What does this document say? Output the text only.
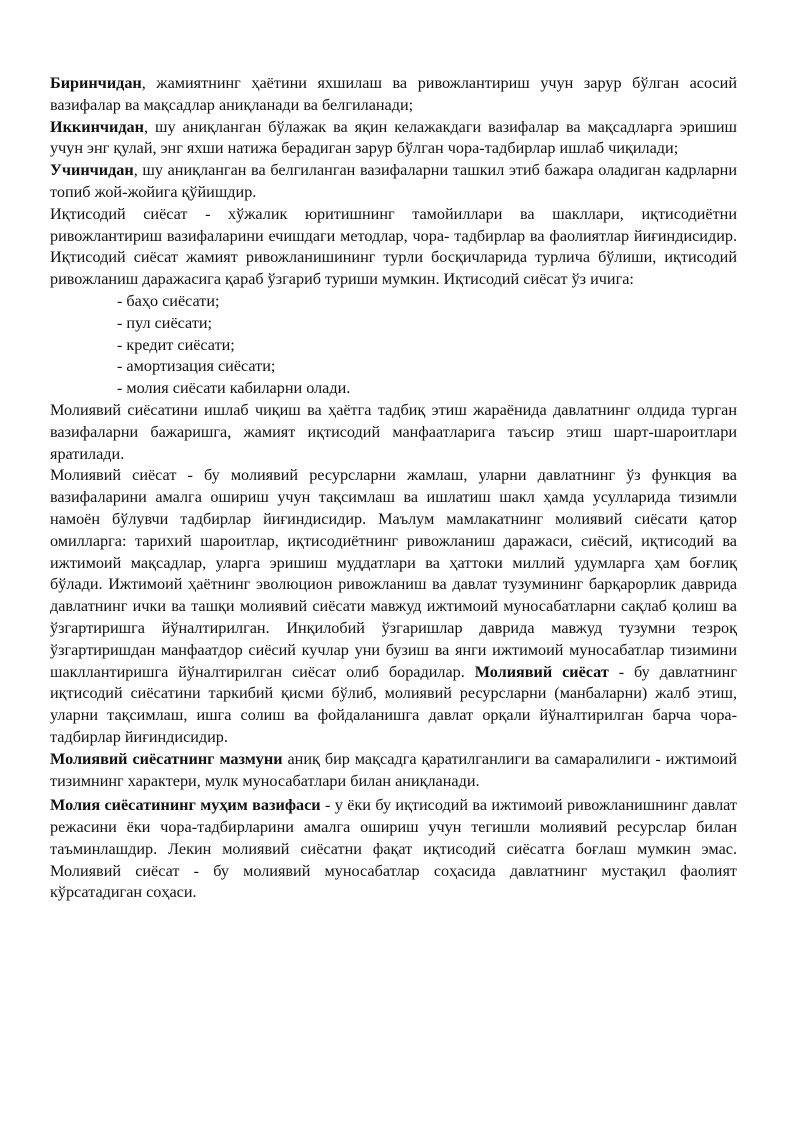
Биринчидан, жамиятнинг ҳаётини яхшилаш ва ривожлантириш учун зарур бўлган асосий вазифалар ва мақсадлар аниқланади ва белгиланади;

Иккинчидан, шу аниқланган бўлажак ва яқин келажакдаги вазифалар ва мақсадларга эришиш учун энг қулай, энг яхши натижа берадиган зарур бўлган чора-тадбирлар ишлаб чиқилади;

Учинчидан, шу аниқланган ва белгиланган вазифаларни ташкил этиб бажара оладиган кадрларни топиб жой-жойига қўйишдир.

Иқтисодий сиёсат - хўжалик юритишнинг тамойиллари ва шакллари, иқтисодиётни ривожлантириш вазифаларини ечишдаги методлар, чора- тадбирлар ва фаолиятлар йиғиндисидир. Иқтисодий сиёсат жамият ривожланишининг турли босқичларида турлича бўлиши, иқтисодий ривожланиш даражасига қараб ўзгариб туриши мумкин. Иқтисодий сиёсат ўз ичига:

- баҳо сиёсати;
- пул сиёсати;
- кредит сиёсати;
- амортизация сиёсати;
- молия сиёсати кабиларни олади.

Молиявий сиёсатини ишлаб чиқиш ва ҳаётга тадбиқ этиш жараёнида давлатнинг олдида турган вазифаларни бажаришга, жамият иқтисодий манфаатларига таъсир этиш шарт-шароитлари яратилади.

Молиявий сиёсат - бу молиявий ресурсларни жамлаш, уларни давлатнинг ўз функция ва вазифаларини амалга ошириш учун тақсимлаш ва ишлатиш шакл ҳамда усулларида тизимли намоён бўлувчи тадбирлар йиғиндисидир. Маълум мамлакатнинг молиявий сиёсати қатор омилларга: тарихий шароитлар, иқтисодиётнинг ривожланиш даражаси, сиёсий, иқтисодий ва ижтимоий мақсадлар, уларга эришиш муддатлари ва ҳаттоки миллий удумларга ҳам боғлиқ бўлади. Ижтимоий ҳаётнинг эволюцион ривожланиш ва давлат тузумининг барқарорлик даврида давлатнинг ички ва ташқи молиявий сиёсати мавжуд ижтимоий муносабатларни сақлаб қолиш ва ўзгартиришга йўналтирилган. Инқилобий ўзгаришлар даврида мавжуд тузумни тезроқ ўзгартиришдан манфаатдор сиёсий кучлар уни бузиш ва янги ижтимоий муносабатлар тизимини шакллантиришга йўналтирилган сиёсат олиб борадилар. Молиявий сиёсат - бу давлатнинг иқтисодий сиёсатини таркибий қисми бўлиб, молиявий ресурсларни (манбаларни) жалб этиш, уларни тақсимлаш, ишга солиш ва фойдаланишга давлат орқали йўналтирилган барча чора-тадбирлар йиғиндисидир.

Молиявий сиёсатнинг мазмуни аниқ бир мақсадга қаратилганлиги ва самаралилиги - ижтимоий тизимнинг характери, мулк муносабатлари билан аниқланади.

Молия сиёсатининг муҳим вазифаси - у ёки бу иқтисодий ва ижтимоий ривожланишнинг давлат режасини ёки чора-тадбирларини амалга ошириш учун тегишли молиявий ресурслар билан таъминлашдир. Лекин молиявий сиёсатни фақат иқтисодий сиёсатга боғлаш мумкин эмас. Молиявий сиёсат - бу молиявий муносабатлар соҳасида давлатнинг мустақил фаолият кўрсатадиган соҳаси.
